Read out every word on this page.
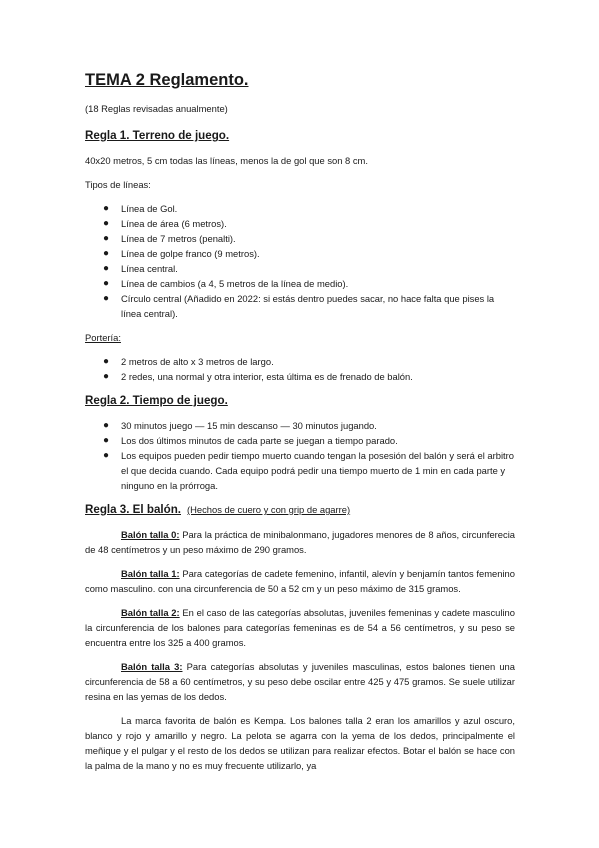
TEMA 2 Reglamento.

(18 Reglas revisadas anualmente)

Regla 1. Terreno de juego.

40x20 metros, 5 cm todas las líneas, menos la de gol que son 8 cm.

Tipos de líneas:

● Línea de Gol.
● Línea de área (6 metros).
● Línea de 7 metros (penalti).
● Línea de golpe franco (9 metros).
● Línea central.
● Línea de cambios (a 4, 5 metros de la línea de medio).
● Círculo central (Añadido en 2022: si estás dentro puedes sacar, no hace falta que pises la línea central).

Portería:

● 2 metros de alto x 3 metros de largo.
● 2 redes, una normal y otra interior, esta última es de frenado de balón.
Regla 2. Tiempo de juego.
● 30 minutos juego — 15 min descanso — 30 minutos jugando.
● Los dos últimos minutos de cada parte se juegan a tiempo parado.
● Los equipos pueden pedir tiempo muerto cuando tengan la posesión del balón y será el arbitro el que decida cuando. Cada equipo podrá pedir una tiempo muerto de 1 min en cada parte y ninguno en la prórroga.
Regla 3. El balón. (Hechos de cuero y con grip de agarre)

Balón talla 0: Para la práctica de minibalonmano, jugadores menores de 8 años, circunferecia de 48 centímetros y un peso máximo de 290 gramos.

Balón talla 1: Para categorías de cadete femenino, infantil, alevín y benjamín tantos femenino como masculino. con una circunferencia de 50 a 52 cm y un peso máximo de 315 gramos.

Balón talla 2: En el caso de las categorías absolutas, juveniles femeninas y cadete masculino la circunferencia de los balones para categorías femeninas es de 54 a 56 centímetros, y su peso se encuentra entre los 325 a 400 gramos.

Balón talla 3: Para categorías absolutas y juveniles masculinas, estos balones tienen una circunferencia de 58 a 60 centímetros, y su peso debe oscilar entre 425 y 475 gramos. Se suele utilizar resina en las yemas de los dedos.

La marca favorita de balón es Kempa. Los balones talla 2 eran los amarillos y azul oscuro, blanco y rojo y amarillo y negro. La pelota se agarra con la yema de los dedos, principalmente el meñique y el pulgar y el resto de los dedos se utilizan para realizar efectos. Botar el balón se hace con la palma de la mano y no es muy frecuente utilizarlo, ya
